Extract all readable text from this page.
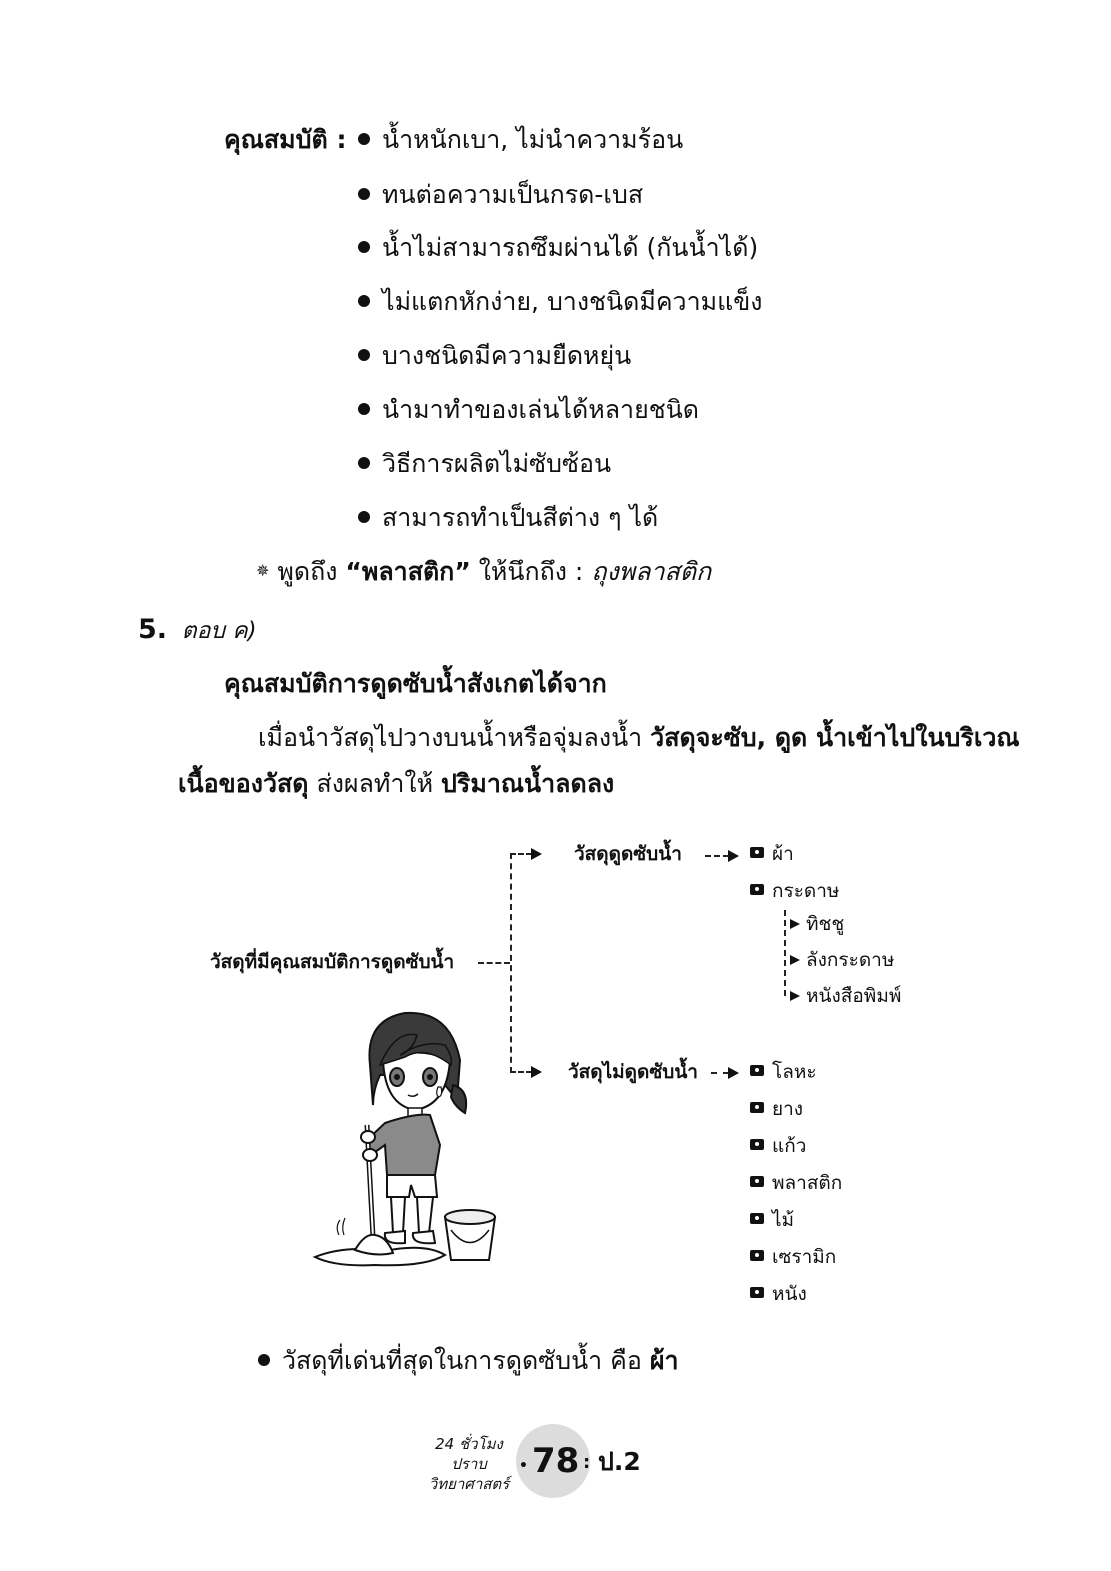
คุณสมบัติ :	น้ำหนักเบา, ไม่นำความร้อน
ทนต่อความเป็นกรด-เบส
น้ำไม่สามารถซึมผ่านได้ (กันน้ำได้)
ไม่แตกหักง่าย, บางชนิดมีความแข็ง
บางชนิดมีความยืดหยุ่น
นำมาทำของเล่นได้หลายชนิด
วิธีการผลิตไม่ซับซ้อน
สามารถทำเป็นสีต่าง ๆ ได้
✵ พูดถึง “พลาสติก” ให้นึกถึง : ถุงพลาสติก
5. ตอบ ค)
คุณสมบัติการดูดซับน้ำสังเกตได้จาก
เมื่อนำวัสดุไปวางบนน้ำหรือจุ่มลงน้ำ วัสดุจะซับ, ดูด น้ำเข้าไปในบริเวณ
เนื้อของวัสดุ ส่งผลทำให้ ปริมาณน้ำลดลง
วัสดุที่มีคุณสมบัติการดูดซับน้ำ
วัสดุดูดซับน้ำ	ผ้า
กระดาษ
ทิชชู
ลังกระดาษ
หนังสือพิมพ์
วัสดุไม่ดูดซับน้ำ	โลหะ
ยาง
แก้ว
พลาสติก
ไม้
เซรามิก
หนัง
วัสดุที่เด่นที่สุดในการดูดซับน้ำ คือ ผ้า
24 ชั่วโมง
ปราบ
วิทยาศาสตร์
• 78 : ป.2
